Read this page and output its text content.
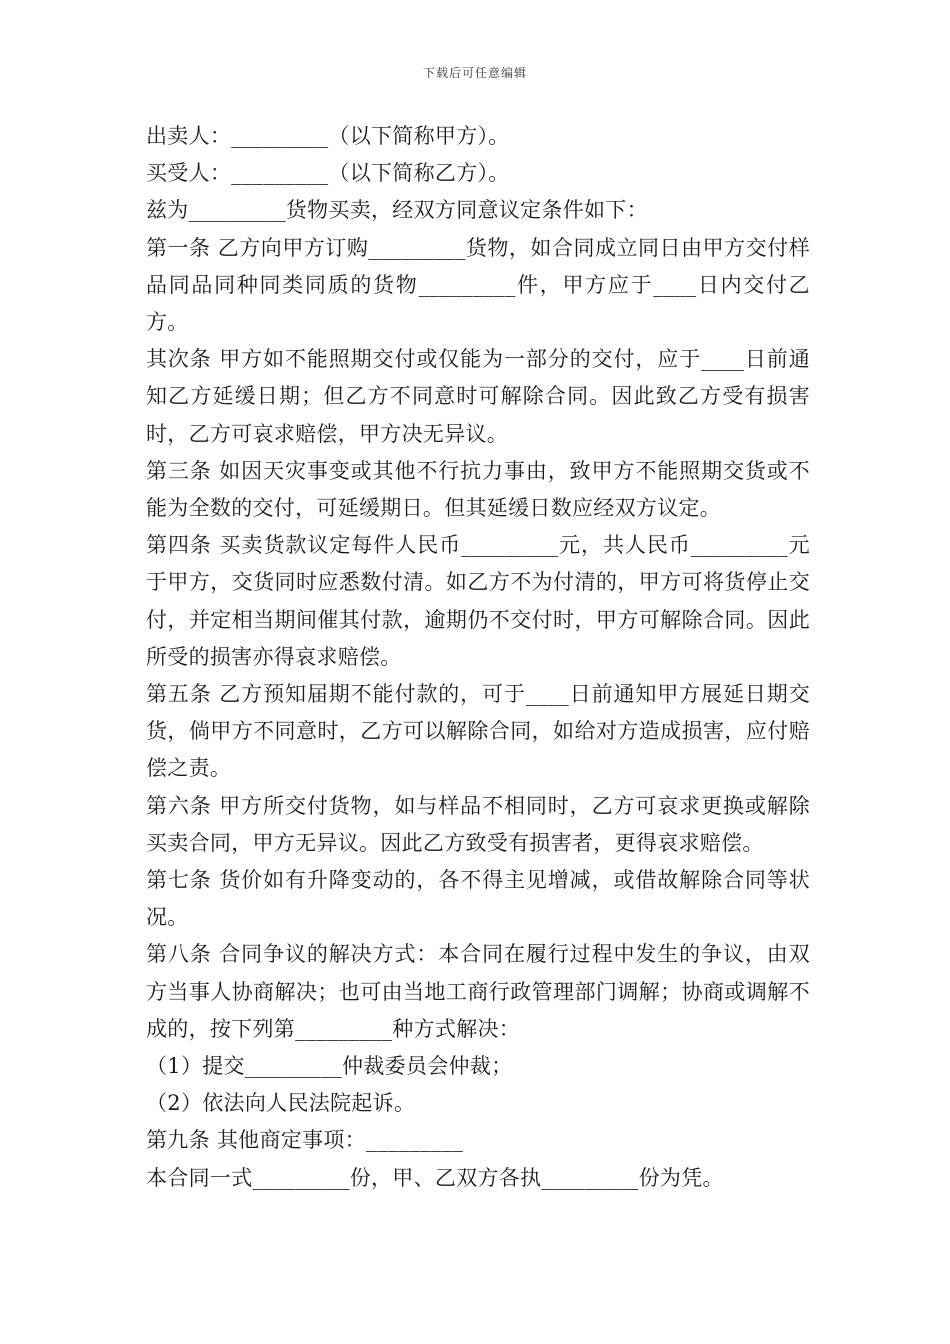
下载后可任意编辑

出卖人：_________（以下简称甲方）。

买受人：_________（以下简称乙方）。

兹为_________货物买卖，经双方同意议定条件如下：

第一条 乙方向甲方订购_________货物，如合同成立同日由甲方交付样品同品同种同类同质的货物_________件，甲方应于____日内交付乙方。

其次条 甲方如不能照期交付或仅能为一部分的交付，应于____日前通知乙方延缓日期；但乙方不同意时可解除合同。因此致乙方受有损害时，乙方可哀求赔偿，甲方决无异议。

第三条 如因天灾事变或其他不行抗力事由，致甲方不能照期交货或不能为全数的交付，可延缓期日。但其延缓日数应经双方议定。

第四条 买卖货款议定每件人民币_________元，共人民币_________元于甲方，交货同时应悉数付清。如乙方不为付清的，甲方可将货停止交付，并定相当期间催其付款，逾期仍不交付时，甲方可解除合同。因此所受的损害亦得哀求赔偿。

第五条 乙方预知届期不能付款的，可于____日前通知甲方展延日期交货，倘甲方不同意时，乙方可以解除合同，如给对方造成损害，应付赔偿之责。

第六条 甲方所交付货物，如与样品不相同时，乙方可哀求更换或解除买卖合同，甲方无异议。因此乙方致受有损害者，更得哀求赔偿。

第七条 货价如有升降变动的，各不得主见增减，或借故解除合同等状况。

第八条 合同争议的解决方式：本合同在履行过程中发生的争议，由双方当事人协商解决；也可由当地工商行政管理部门调解；协商或调解不成的，按下列第_________种方式解决：

（1）提交_________仲裁委员会仲裁；

（2）依法向人民法院起诉。

第九条 其他商定事项：_________

本合同一式_________份，甲、乙双方各执_________份为凭。
